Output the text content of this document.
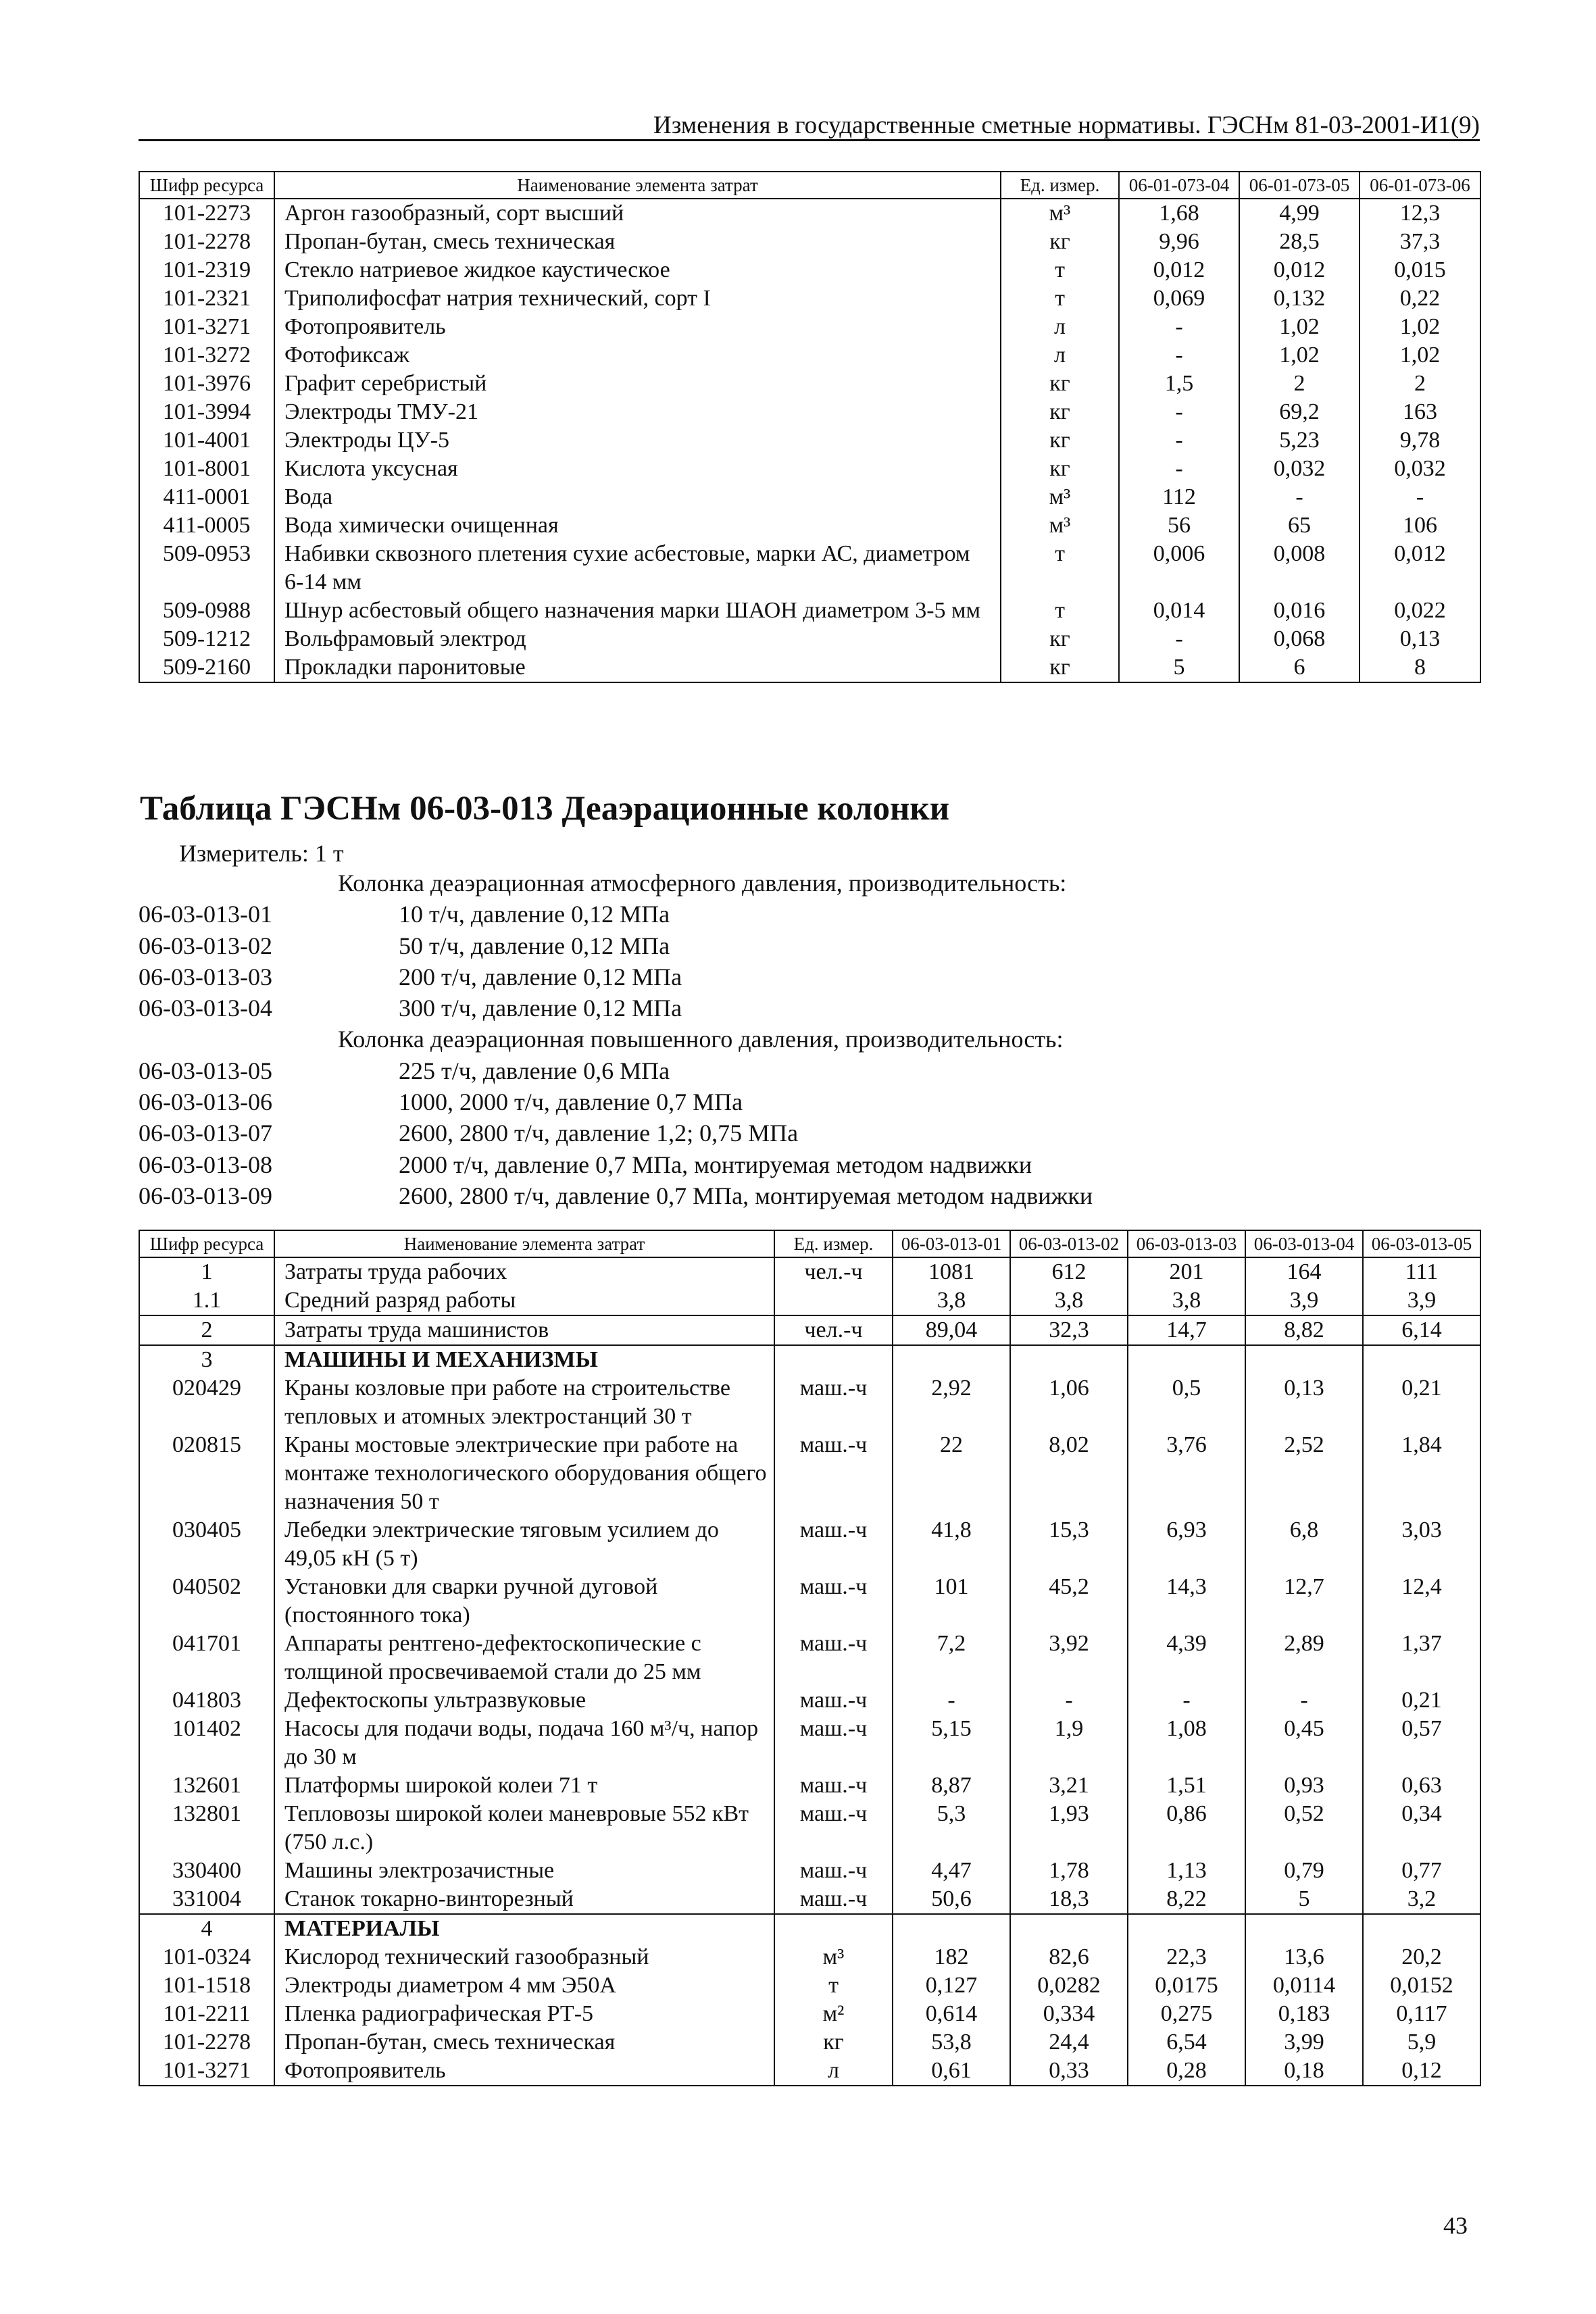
Изменения в государственные сметные нормативы. ГЭСНм 81-03-2001-И1(9)
Шифр ресурса	Наименование элемента затрат	Ед. измер.	06-01-073-04	06-01-073-05	06-01-073-06
101-2273	Аргон газообразный, сорт высший	м³	1,68	4,99	12,3
101-2278	Пропан-бутан, смесь техническая	кг	9,96	28,5	37,3
101-2319	Стекло натриевое жидкое каустическое	т	0,012	0,012	0,015
101-2321	Триполифосфат натрия технический, сорт I	т	0,069	0,132	0,22
101-3271	Фотопроявитель	л	-	1,02	1,02
101-3272	Фотофиксаж	л	-	1,02	1,02
101-3976	Графит серебристый	кг	1,5	2	2
101-3994	Электроды ТМУ-21	кг	-	69,2	163
101-4001	Электроды ЦУ-5	кг	-	5,23	9,78
101-8001	Кислота уксусная	кг	-	0,032	0,032
411-0001	Вода	м³	112	-	-
411-0005	Вода химически очищенная	м³	56	65	106
509-0953	Набивки сквозного плетения сухие асбестовые, марки АС, диаметром 6-14 мм	т	0,006	0,008	0,012
509-0988	Шнур асбестовый общего назначения марки ШАОН диаметром 3-5 мм	т	0,014	0,016	0,022
509-1212	Вольфрамовый электрод	кг	-	0,068	0,13
509-2160	Прокладки паронитовые	кг	5	6	8
Таблица ГЭСНм 06-03-013 Деаэрационные колонки
Измеритель: 1 т
Колонка деаэрационная атмосферного давления, производительность:
06-03-013-01	10 т/ч, давление 0,12 МПа
06-03-013-02	50 т/ч, давление 0,12 МПа
06-03-013-03	200 т/ч, давление 0,12 МПа
06-03-013-04	300 т/ч, давление 0,12 МПа
Колонка деаэрационная повышенного давления, производительность:
06-03-013-05	225 т/ч, давление 0,6 МПа
06-03-013-06	1000, 2000 т/ч, давление 0,7 МПа
06-03-013-07	2600, 2800 т/ч, давление 1,2; 0,75 МПа
06-03-013-08	2000 т/ч, давление 0,7 МПа, монтируемая методом надвижки
06-03-013-09	2600, 2800 т/ч, давление 0,7 МПа, монтируемая методом надвижки
Шифр ресурса	Наименование элемента затрат	Ед. измер.	06-03-013-01	06-03-013-02	06-03-013-03	06-03-013-04	06-03-013-05
1	Затраты труда рабочих	чел.-ч	1081	612	201	164	111
1.1	Средний разряд работы		3,8	3,8	3,8	3,9	3,9
2	Затраты труда машинистов	чел.-ч	89,04	32,3	14,7	8,82	6,14
3	МАШИНЫ И МЕХАНИЗМЫ						
020429	Краны козловые при работе на строительстве тепловых и атомных электростанций 30 т	маш.-ч	2,92	1,06	0,5	0,13	0,21
020815	Краны мостовые электрические при работе на монтаже технологического оборудования общего назначения 50 т	маш.-ч	22	8,02	3,76	2,52	1,84
030405	Лебедки электрические тяговым усилием до 49,05 кН (5 т)	маш.-ч	41,8	15,3	6,93	6,8	3,03
040502	Установки для сварки ручной дуговой (постоянного тока)	маш.-ч	101	45,2	14,3	12,7	12,4
041701	Аппараты рентгено-дефектоскопические с толщиной просвечиваемой стали до 25 мм	маш.-ч	7,2	3,92	4,39	2,89	1,37
041803	Дефектоскопы ультразвуковые	маш.-ч	-	-	-	-	0,21
101402	Насосы для подачи воды, подача 160 м³/ч, напор до 30 м	маш.-ч	5,15	1,9	1,08	0,45	0,57
132601	Платформы широкой колеи 71 т	маш.-ч	8,87	3,21	1,51	0,93	0,63
132801	Тепловозы широкой колеи маневровые 552 кВт (750 л.с.)	маш.-ч	5,3	1,93	0,86	0,52	0,34
330400	Машины электрозачистные	маш.-ч	4,47	1,78	1,13	0,79	0,77
331004	Станок токарно-винторезный	маш.-ч	50,6	18,3	8,22	5	3,2
4	МАТЕРИАЛЫ						
101-0324	Кислород технический газообразный	м³	182	82,6	22,3	13,6	20,2
101-1518	Электроды диаметром 4 мм Э50А	т	0,127	0,0282	0,0175	0,0114	0,0152
101-2211	Пленка радиографическая РТ-5	м²	0,614	0,334	0,275	0,183	0,117
101-2278	Пропан-бутан, смесь техническая	кг	53,8	24,4	6,54	3,99	5,9
101-3271	Фотопроявитель	л	0,61	0,33	0,28	0,18	0,12
43
